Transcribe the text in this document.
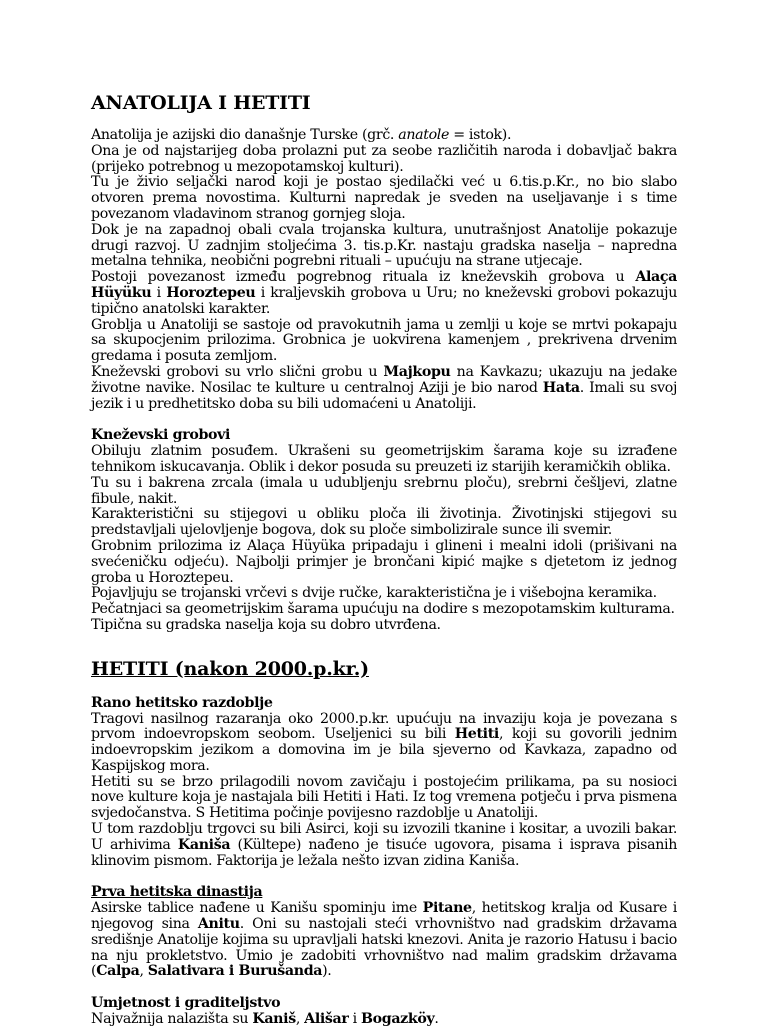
ANATOLIJA I HETITI

Anatolija je azijski dio današnje Turske (grč. anatole = istok).

Ona je od najstarijeg doba prolazni put za seobe različitih naroda i dobavljač bakra (prijeko potrebnog u mezopotamskoj kulturi).

Tu je živio seljački narod koji je postao sjedilački već u 6.tis.p.Kr., no bio slabo otvoren prema novostima. Kulturni napredak je sveden na useljavanje i s time povezanom vladavinom stranog gornjeg sloja.

Dok je na zapadnoj obali cvala trojanska kultura, unutrašnjost Anatolije pokazuje drugi razvoj. U zadnjim stoljećima 3. tis.p.Kr. nastaju gradska naselja – napredna metalna tehnika, neobični pogrebni rituali – upućuju na strane utjecaje.

Postoji povezanost između pogrebnog rituala iz kneževskih grobova u Alaça Hüyüku i Horoztepeu i kraljevskih grobova u Uru; no kneževski grobovi pokazuju tipično anatolski karakter.

Groblja u Anatoliji se sastoje od pravokutnih jama u zemlji u koje se mrtvi pokapaju sa skupocjenim prilozima. Grobnica je uokvirena kamenjem , prekrivena drvenim gredama i posuta zemljom.

Kneževski grobovi su vrlo slični grobu u Majkopu na Kavkazu; ukazuju na jedake životne navike. Nosilac te kulture u centralnoj Aziji je bio narod Hata. Imali su svoj jezik i u predhetitsko doba su bili udomaćeni u Anatoliji.

Kneževski grobovi

Obiluju zlatnim posuđem. Ukrašeni su geometrijskim šarama koje su izrađene tehnikom iskucavanja. Oblik i dekor posuda su preuzeti iz starijih keramičkih oblika.

Tu su i bakrena zrcala (imala u udubljenju srebrnu ploču), srebrni češljevi, zlatne fibule, nakit.

Karakteristični su stijegovi u obliku ploča ili životinja. Životinjski stijegovi su predstavljali ujelovljenje bogova, dok su ploče simbolizirale sunce ili svemir.

Grobnim prilozima iz Alaça Hüyüka pripadaju i glineni i mealni idoli (prišivani na svećeničku odjeću). Najbolji primjer je brončani kipić majke s djetetom iz jednog groba u Horoztepeu.

Pojavljuju se trojanski vrčevi s dvije ručke, karakteristična je i višebojna keramika.

Pečatnjaci sa geometrijskim šarama upućuju na dodire s mezopotamskim kulturama.

Tipična su gradska naselja koja su dobro utvrđena.

HETITI (nakon 2000.p.kr.)
Rano hetitsko razdoblje

Tragovi nasilnog razaranja oko 2000.p.kr. upućuju na invaziju koja je povezana s prvom indoevropskom seobom. Useljenici su bili Hetiti, koji su govorili jednim indoevropskim jezikom a domovina im je bila sjeverno od Kavkaza, zapadno od Kaspijskog mora.

Hetiti su se brzo prilagodili novom zavičaju i postojećim prilikama, pa su nosioci nove kulture koja je nastajala bili Hetiti i Hati. Iz tog vremena potječu i prva pismena svjedočanstva. S Hetitima počinje povijesno razdoblje u Anatoliji.

U tom razdoblju trgovci su bili Asirci, koji su izvozili tkanine i kositar, a uvozili bakar. U arhivima Kaniša (Kültepe) nađeno je tisuće ugovora, pisama i isprava pisanih klinovim pismom. Faktorija je ležala nešto izvan zidina Kaniša.

Prva hetitska dinastija

Asirske tablice nađene u Kanišu spominju ime Pitane, hetitskog kralja od Kusare i njegovog sina Anitu. Oni su nastojali steći vrhovništvo nad gradskim državama središnje Anatolije kojima su upravljali hatski knezovi. Anita je razorio Hatusu i bacio na nju prokletstvo. Umio je zadobiti vrhovništvo nad malim gradskim državama (Calpa, Salativara i Burušanda).

Umjetnost i graditeljstvo

Najvažnija nalazišta su Kaniš, Ališar i Bogazköy.
